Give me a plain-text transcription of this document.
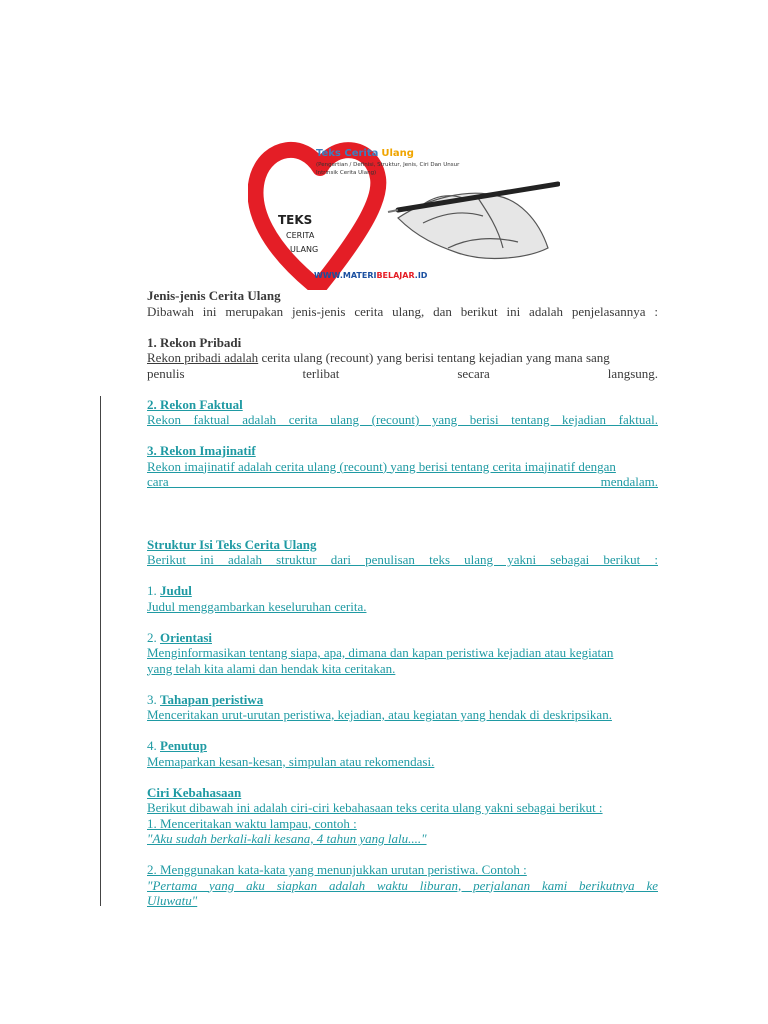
Teks Cerita Ulang
(Pengertian / Definisi, Struktur, Jenis, Ciri Dan Unsur
Intrinsik Cerita Ulang)
TEKS
CERITA
ULANG
WWW.MATERIBELAJAR.ID

Jenis-jenis Cerita Ulang

Dibawah ini merupakan jenis-jenis cerita ulang, dan berikut ini adalah penjelasannya :

1. Rekon Pribadi

Rekon pribadi adalah cerita ulang (recount) yang berisi tentang kejadian yang mana sang

penulis terlibat secara langsung.

2. Rekon Faktual

Rekon faktual adalah cerita ulang (recount) yang berisi tentang kejadian faktual.

3. Rekon Imajinatif

Rekon imajinatif adalah cerita ulang (recount) yang berisi tentang cerita imajinatif dengan

cara mendalam.

Struktur Isi Teks Cerita Ulang

Berikut ini adalah struktur dari penulisan teks ulang yakni sebagai berikut :

1. Judul

Judul menggambarkan keseluruhan cerita.

2. Orientasi

Menginformasikan tentang siapa, apa, dimana dan kapan peristiwa kejadian atau kegiatan

yang telah kita alami dan hendak kita ceritakan.

3. Tahapan peristiwa

Menceritakan urut-urutan peristiwa, kejadian, atau kegiatan yang hendak di deskripsikan.

4. Penutup

Memaparkan kesan-kesan, simpulan atau rekomendasi.

Ciri Kebahasaan

Berikut dibawah ini adalah ciri-ciri kebahasaan teks cerita ulang yakni sebagai berikut :

1. Menceritakan waktu lampau, contoh :

"Aku sudah berkali-kali kesana, 4 tahun yang lalu...."

2. Menggunakan kata-kata yang menunjukkan urutan peristiwa. Contoh :

"Pertama yang aku siapkan adalah waktu liburan, perjalanan kami berikutnya ke

Uluwatu"
